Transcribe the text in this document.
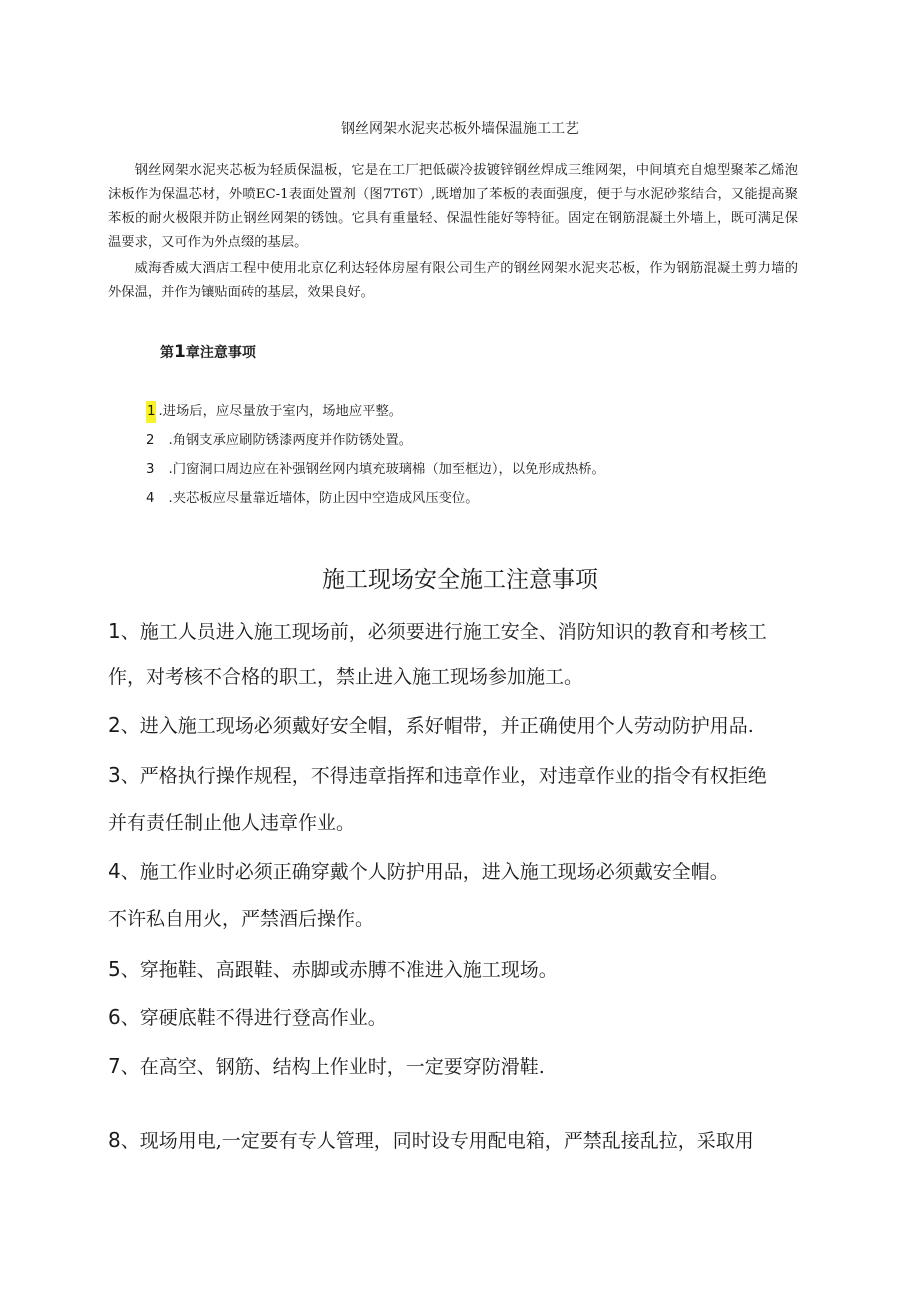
钢丝网架水泥夹芯板外墙保温施工工艺

钢丝网架水泥夹芯板为轻质保温板，它是在工厂把低碳冷拔镀锌钢丝焊成三维网架，中间填充自熄型聚苯乙烯泡沫板作为保温芯材，外喷EC-1表面处置剂（图7T6T）,既增加了苯板的表面强度，便于与水泥砂浆结合，又能提高聚苯板的耐火极限并防止钢丝网架的锈蚀。它具有重量轻、保温性能好等特征。固定在钢筋混凝土外墙上，既可满足保温要求，又可作为外点缀的基层。

威海香威大酒店工程中使用北京亿利达轻体房屋有限公司生产的钢丝网架水泥夹芯板，作为钢筋混凝土剪力墙的外保温，并作为镶贴面砖的基层，效果良好。

第1章注意事项
1 .进场后，应尽量放于室内，场地应平整。
2 .角钢支承应刷防锈漆两度并作防锈处置。
3 .门窗洞口周边应在补强钢丝网内填充玻璃棉（加至框边），以免形成热桥。
4 .夹芯板应尽量靠近墙体，防止因中空造成风压变位。
施工现场安全施工注意事项
1、施工人员进入施工现场前，必须要进行施工安全、消防知识的教育和考核工
作，对考核不合格的职工，禁止进入施工现场参加施工。
2、进入施工现场必须戴好安全帽，系好帽带，并正确使用个人劳动防护用品.
3、严格执行操作规程，不得违章指挥和违章作业，对违章作业的指令有权拒绝
并有责任制止他人违章作业。
4、施工作业时必须正确穿戴个人防护用品，进入施工现场必须戴安全帽。
不许私自用火，严禁酒后操作。
5、穿拖鞋、高跟鞋、赤脚或赤膊不准进入施工现场。
6、穿硬底鞋不得进行登高作业。
7、在高空、钢筋、结构上作业时，一定要穿防滑鞋.
8、现场用电,一定要有专人管理，同时设专用配电箱，严禁乱接乱拉，采取用
